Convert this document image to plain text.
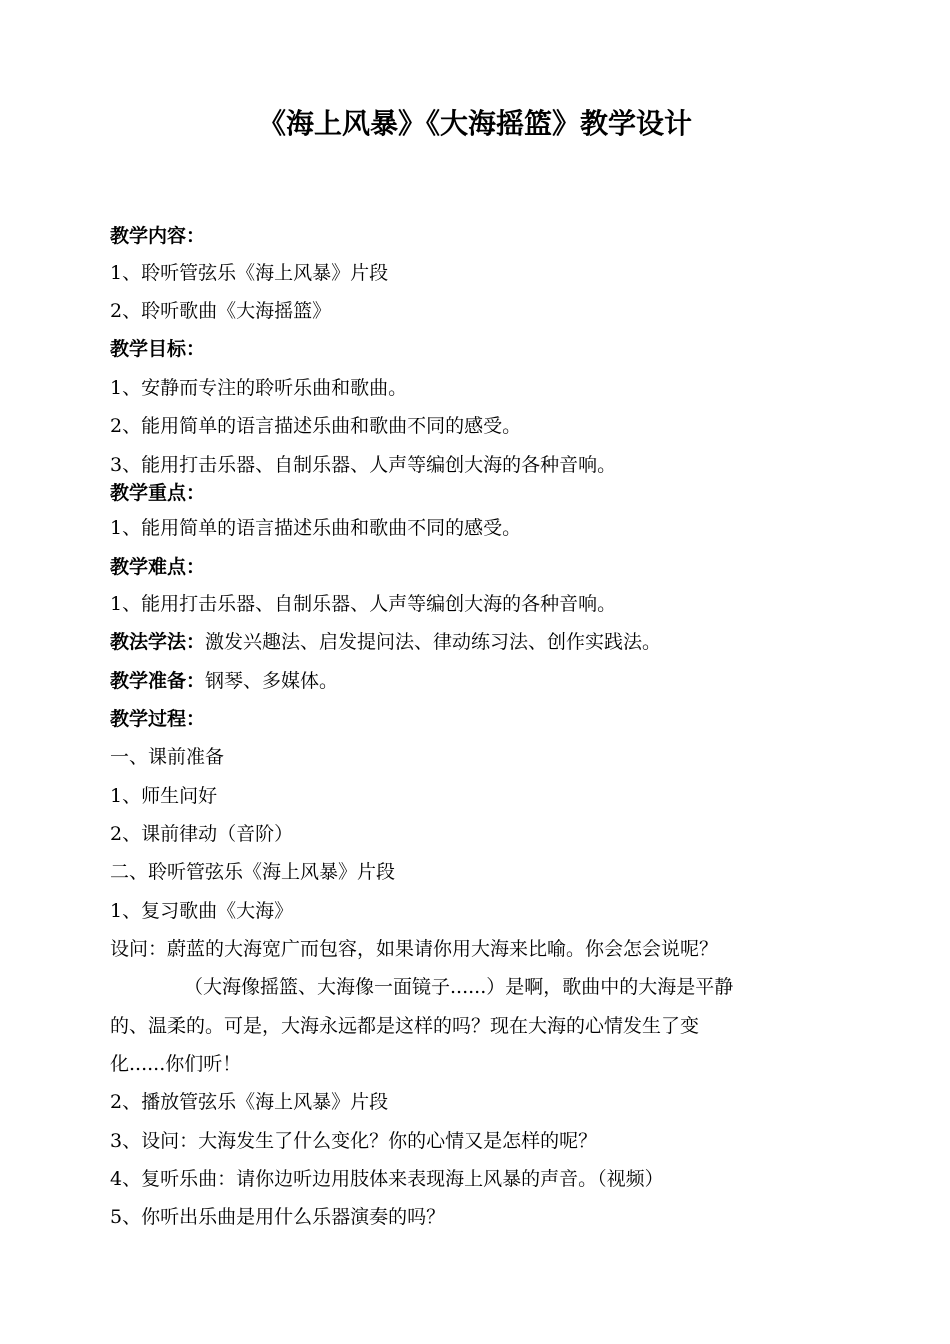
《海上风暴》《大海摇篮》教学设计
教学内容：
1、聆听管弦乐《海上风暴》片段
2、聆听歌曲《大海摇篮》
教学目标：
1、安静而专注的聆听乐曲和歌曲。
2、能用简单的语言描述乐曲和歌曲不同的感受。
3、能用打击乐器、自制乐器、人声等编创大海的各种音响。
教学重点：
1、能用简单的语言描述乐曲和歌曲不同的感受。
教学难点：
1、能用打击乐器、自制乐器、人声等编创大海的各种音响。
教法学法：激发兴趣法、启发提问法、律动练习法、创作实践法。
教学准备：钢琴、多媒体。
教学过程：
一、课前准备
1、师生问好
2、课前律动（音阶）
二、聆听管弦乐《海上风暴》片段
1、复习歌曲《大海》
设问：蔚蓝的大海宽广而包容，如果请你用大海来比喻。你会怎会说呢？
（大海像摇篮、大海像一面镜子......）是啊，歌曲中的大海是平静
的、温柔的。可是，大海永远都是这样的吗？现在大海的心情发生了变
化......你们听！
2、播放管弦乐《海上风暴》片段
3、设问：大海发生了什么变化？你的心情又是怎样的呢？
4、复听乐曲：请你边听边用肢体来表现海上风暴的声音。（视频）
5、你听出乐曲是用什么乐器演奏的吗？
